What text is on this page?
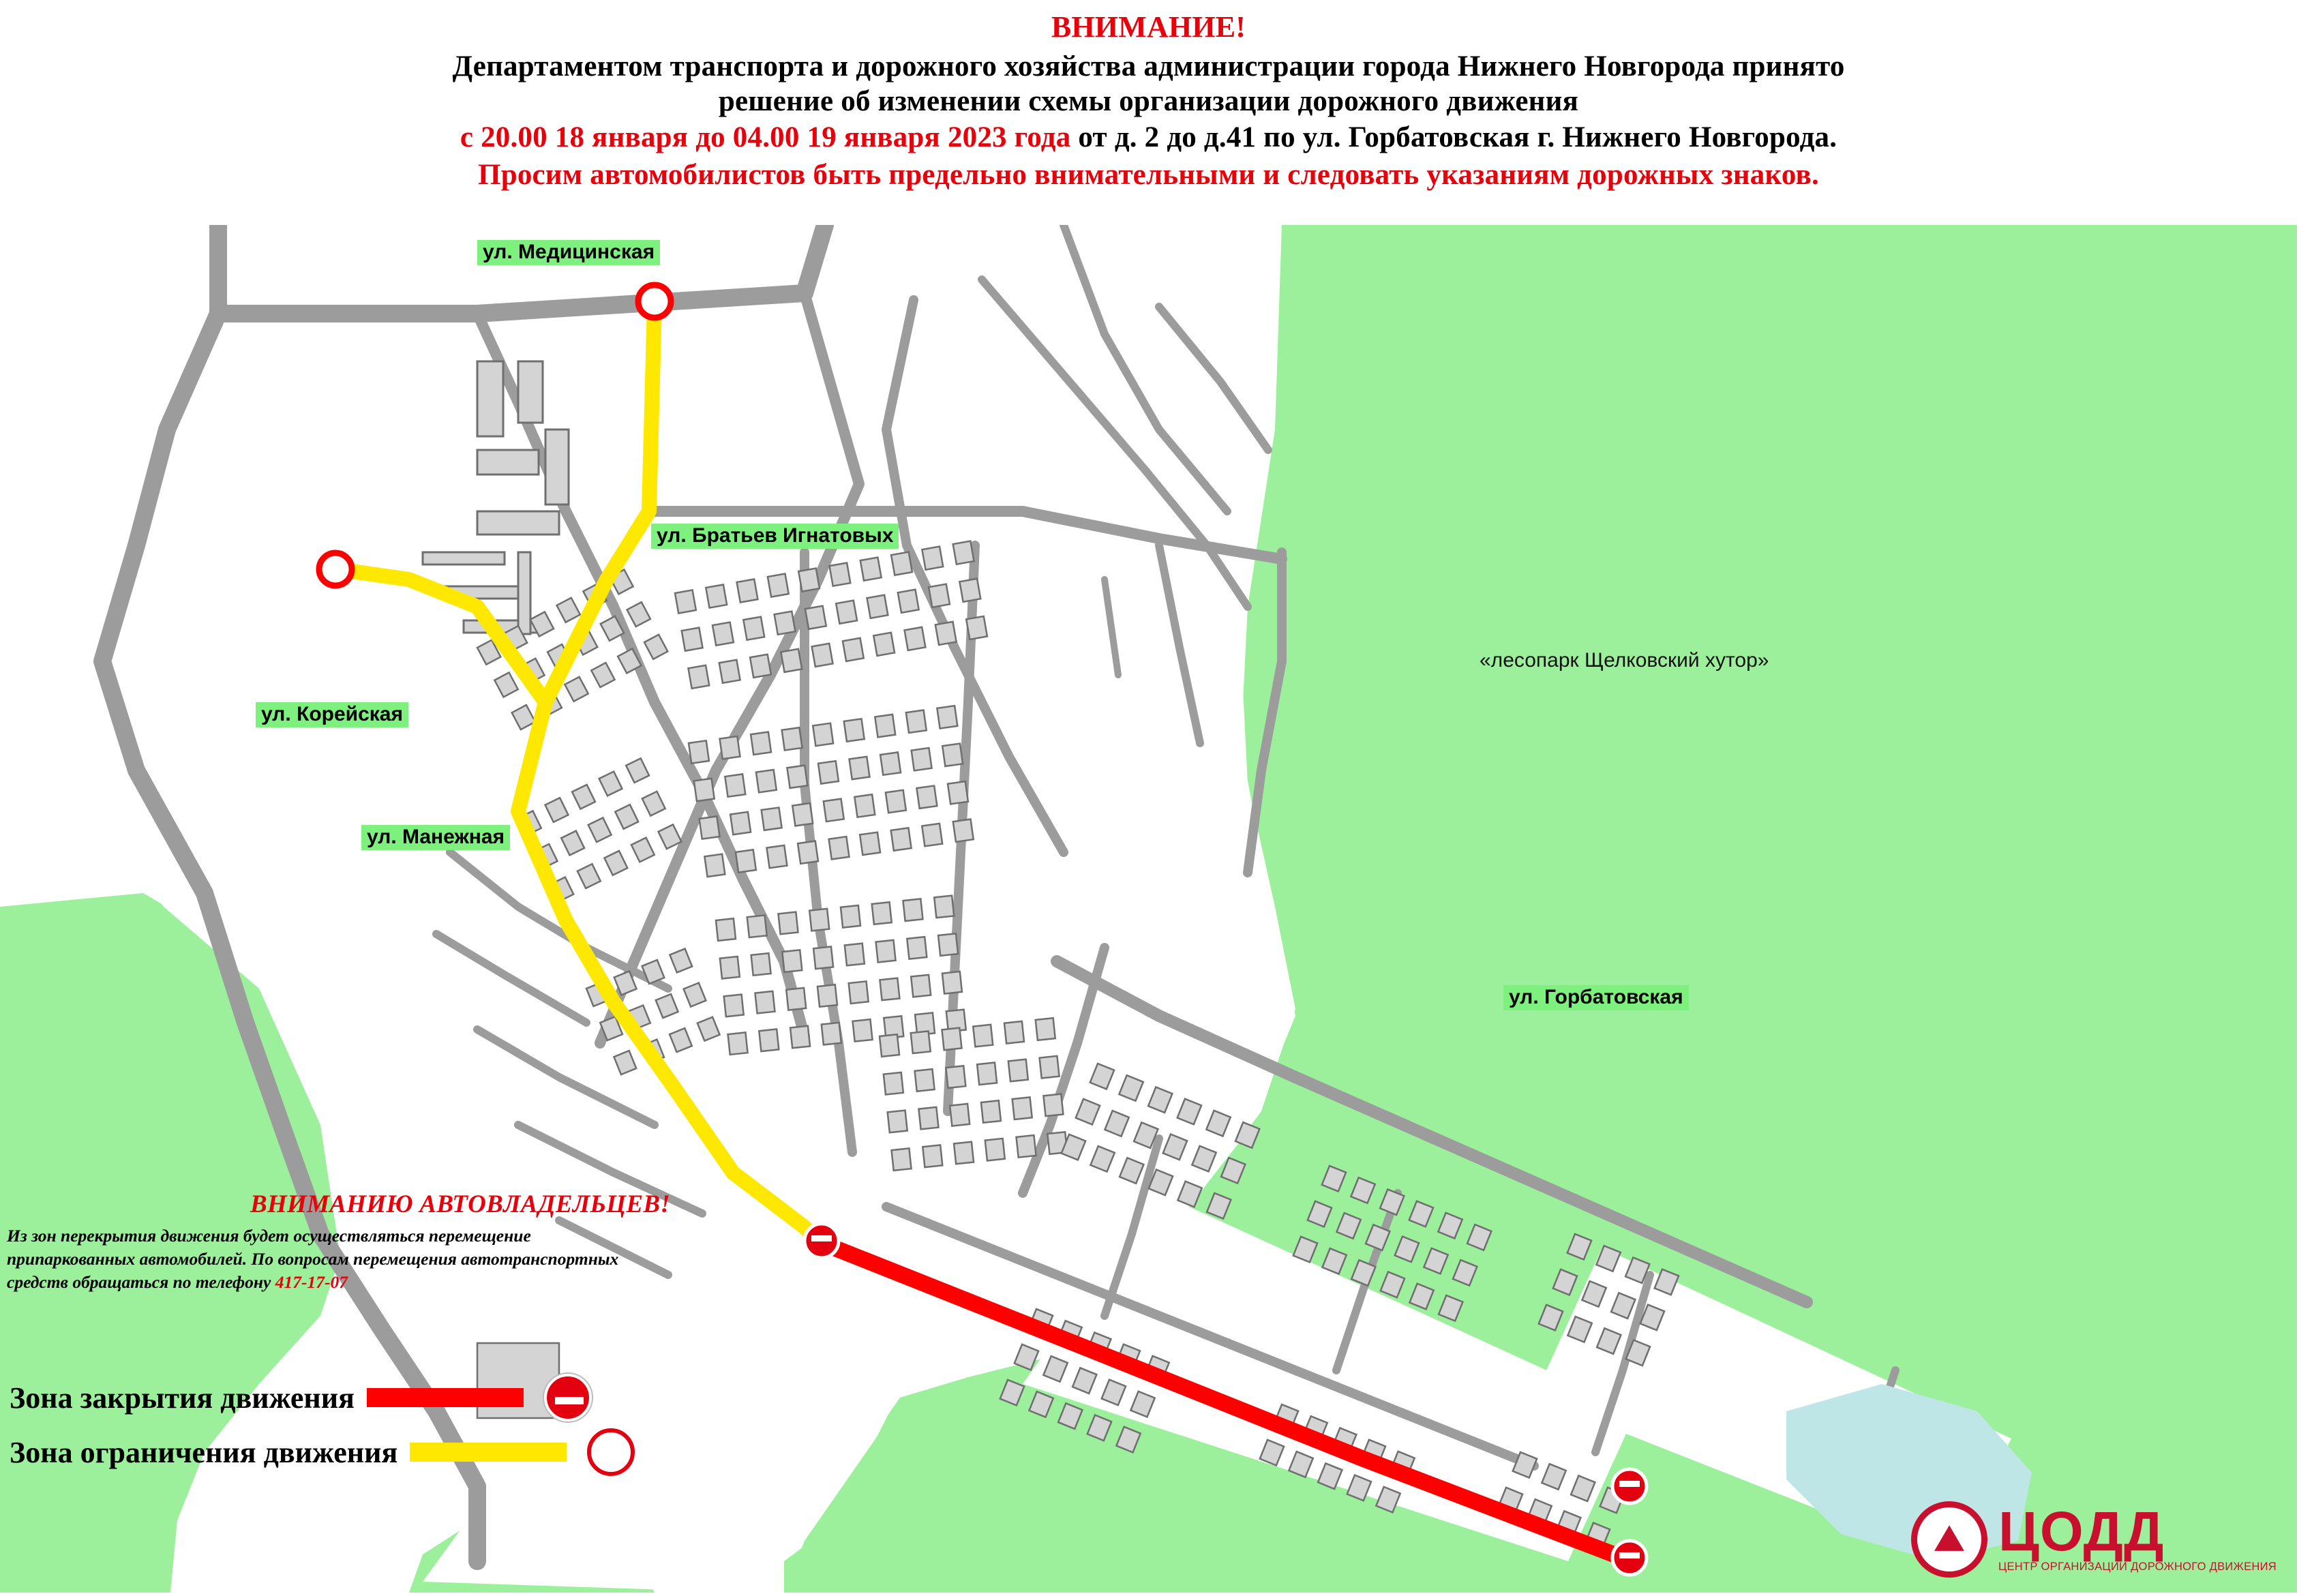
ВНИМАНИЕ!
Департаментом транспорта и дорожного хозяйства администрации города Нижнего Новгорода принято
решение об изменении схемы организации дорожного движения
с 20.00 18 января до 04.00 19 января 2023 года от д. 2 до д.41 по ул. Горбатовская г. Нижнего Новгорода.
Просим автомобилистов быть предельно внимательными и следовать указаниям дорожных знаков.
ул. Медицинская
ул. Братьев Игнатовых
ул. Корейская
ул. Манежная
ул. Горбатовская
«лесопарк Щелковский хутор»
ВНИМАНИЮ АВТОВЛАДЕЛЬЦЕВ!
Из зон перекрытия движения будет осуществляться перемещение
припаркованных автомобилей. По вопросам перемещения автотранспортных
средств обращаться по телефону 417-17-07
Зона закрытия движения
Зона ограничения движения
⛰ ЦОДД
ЦЕНТР ОРГАНИЗАЦИИ ДОРОЖНОГО ДВИЖЕНИЯ
